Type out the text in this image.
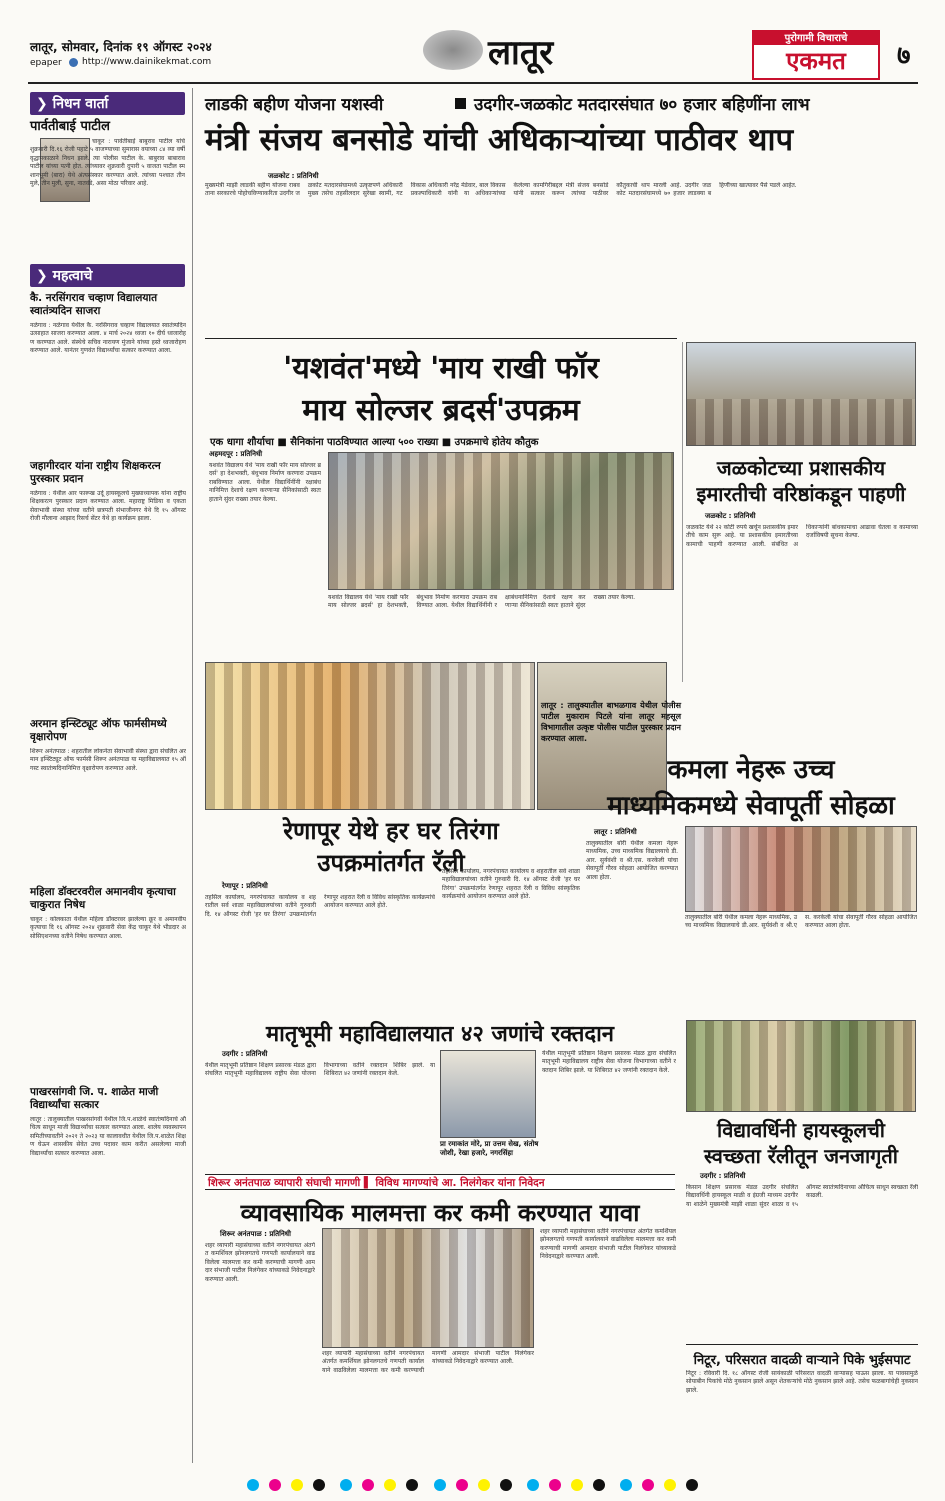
लातूर, सोमवार, दिनांक १९ ऑगस्ट २०२४
epaper http://www.dainikekmat.com	लातूर	पुरोगामी विचाराचे
एकमत	७
❯ निधन वार्ता
पार्वतीबाई पाटील
चाकूर : पार्वतीबाई बाबुराव पाटील यांचे शुक्रवारी दि.१६ रोजी पहाटे ५ वाजण्याच्या सुमारास वयाच्या ८४ व्या वर्षी वृद्धापकाळाने निधन झाले. त्या पोलीस पाटील के. बाबुराव बाबाराव पाटील यांच्या पत्नी होत. त्यांच्यावर शुक्रवारी दुपारी ५ वाजता पाटील स्मशानभूमी (बारा) येथे अंत्यसंस्कार करण्यात आले. त्यांच्या पश्चात तीन मुले, तीन मुली, सुना, नातवंडे, असा मोठा परिवार आहे.
❯ महत्वाचे
कै. नरसिंगराव चव्हाण विद्यालयात स्वातंत्र्यदिन साजरा
नळेगाव : नळेगाव येथील कै. नरसिंगराव चव्हाण विद्यालयात स्वातंत्र्यदिन उत्साहात साजरा करण्यात आला. ४ मार्च २०२४ ध्वजा १० दीर्घ ध्वजारोहण करण्यात आले. संस्थेचे सचिव नारायण मुंजाने यांच्या हस्ते ध्वजारोहण करण्यात आले. यानंतर गुणवंत विद्यार्थ्यांचा सत्कार करण्यात आला.
जहागीरदार यांना राष्ट्रीय शिक्षकरत्न पुरस्कार प्रदान
नळेगाव : येथील आर फारूख उर्दू हायस्कूलचे मुख्याध्यापक यांना राष्ट्रीय शिक्षकरत्न पुरस्कार प्रदान करण्यात आला. महाराष्ट्र मिडिया व एकता सेवाभावी संस्था यांच्या वतीने छत्रपती संभाजीनगर येथे दि १५ ऑगस्ट रोजी मौलाना आझाद रिसर्च सेंटर येथे हा कार्यक्रम झाला.
अरमान इन्स्टिट्यूट ऑफ फार्मसीमध्ये वृक्षारोपण
शिरूर अनंतपाळ : शहरातील लोकनेता सेवाभावी संस्था द्वारा संचलित अरमान इन्स्टिट्यूट ऑफ फार्मसी शिरूर अनंतपाळ या महाविद्यालयात १५ ऑगस्ट स्वातंत्र्यदिनानिमित्त वृक्षारोपण करण्यात आले.
महिला डॉक्टरवरील अमानवीय कृत्याचा चाकुरात निषेध
चाकूर : कोलकाता येथील महिला डॉक्टरवर झालेल्या क्रूर व अमानवीय कृत्याचा दि १६ ऑगस्ट २०२४ शुक्रवारी सेवा केंद्र चाकूर येथे भीडदार असोसिएशनच्या वतीने निषेध करण्यात आला.
पाखरसांगवी जि. प. शाळेत माजी विद्यार्थ्यांचा सत्कार
लातूर : तालुक्यातील पाखरसांगवी येथील जि.प.शाळेचे स्वातंत्र्यदिनाचे औचित्य साधून माजी विद्यार्थ्यांचा सत्कार करण्यात आला. शालेय व्यवस्थापन समितीच्यावतीने २०२१ ते २०२३ या कालावधीत येथील जि.प.शाळेत शिक्षण घेऊन शासकीय सेवेत उच्च पदावर काम करीत असलेल्या माजी विद्यार्थ्यांचा सत्कार करण्यात आला.
लाडकी बहीण योजना यशस्वी	उदगीर-जळकोट मतदारसंघात ७० हजार बहिणींना लाभ
मंत्री संजय बनसोडे यांची अधिकाऱ्यांच्या पाठीवर थाप
जळकोट : प्रतिनिधी
मुख्यमंत्री माझी लाडकी बहीण योजना राबवताना सरकारचे पोहोचविण्याकरिता उदगीर जळकोट मतदारसंघामध्ये उत्कृष्टपणे अधिकारी मुख्य तसेच तहसीलदार सुरेखा स्वामी, गटविकास अधिकारी नरेंद्र मेडेवार, बाल विकास प्रकल्पाधिकारी यांनी या अधिकाऱ्यांच्या केलेल्या कामगिरीबद्दल मंत्री संजय बनसोडे यांनी सत्कार करून त्यांच्या पाठीवर कौतुकाची थाप मारली आहे. उदगीर जळकोट मतदारसंघामध्ये ७० हजार लाडक्या बहिणींच्या खात्यावर पैसे पडले आहेत.
'यशवंत'मध्ये 'माय राखी फॉर
माय सोल्जर ब्रदर्स'उपक्रम
एक धागा शौर्याचा ■ सैनिकांना पाठविण्यात आल्या ५०० राख्या ■ उपक्रमाचे होतेय कौतुक
अहमदपूर : प्रतिनिधी
यशवंत विद्यालय येथे 'माय राखी फॉर माय सोल्जर ब्रदर्स' हा देशभक्ती, बंधुभाव निर्माण करणारा उपक्रम राबविण्यात आला. येथील विद्यार्थिनींनी रक्षाबंधनानिमित्त देशाचे रक्षण करणाऱ्या सैनिकांसाठी स्वतः हाताने सुंदर राख्या तयार केल्या.
यशवंत विद्यालय येथे 'माय राखी फॉर माय सोल्जर ब्रदर्स' हा देशभक्ती, बंधुभाव निर्माण करणारा उपक्रम राबविण्यात आला. येथील विद्यार्थिनींनी रक्षाबंधनानिमित्त देशाचे रक्षण करणाऱ्या सैनिकांसाठी स्वतः हाताने सुंदर राख्या तयार केल्या.
जळकोटच्या प्रशासकीय
इमारतीची वरिष्ठांकडून पाहणी
जळकोट : प्रतिनिधी
जळकोट येथे २२ कोटी रुपये खर्चून प्रशासकीय इमारतीचे काम सुरू आहे. या प्रशासकीय इमारतीच्या कामाची पाहणी करण्यात आली. संबंधित अधिकाऱ्यांनी बांधकामाचा आढावा घेतला व कामाच्या दर्जाविषयी सूचना केल्या.
लातूर : तालुक्यातील बाभळगाव येथील पोलीस पाटील मुकाराम पिटले यांना लातूर महसूल विभागातील उत्कृष्ट पोलीस पाटील पुरस्कार प्रदान करण्यात आला.
कमला नेहरू उच्च
माध्यमिकमध्ये सेवापूर्ती सोहळा
लातूर : प्रतिनिधी
तालुक्यातील बोरी येथील कमला नेहरू माध्यमिक, उच्च माध्यमिक विद्यालयाचे डी.आर. सुर्यवंशी व श्री.एस. करकेली यांचा सेवापूर्ती गौरव सोहळा आयोजित करण्यात आला होता.
तालुक्यातील बोरी येथील कमला नेहरू माध्यमिक, उच्च माध्यमिक विद्यालयाचे डी.आर. सुर्यवंशी व श्री.एस. करकेली यांचा सेवापूर्ती गौरव सोहळा आयोजित करण्यात आला होता.
रेणापूर येथे हर घर तिरंगा
उपक्रमांतर्गत रॅली
रेणापूर : प्रतिनिधी
तहसिल कार्यालय, नगरपंचायत कार्यालय व शहरातील सर्व शाळा महाविद्यालयांच्या वतीने गुरुवारी दि. १४ ऑगस्ट रोजी 'हर घर तिरंगा' उपक्रमांतर्गत रेणापूर शहरात रॅली व विविध सांस्कृतिक कार्यक्रमांचे आयोजन करण्यात आले होते.
तहसिल कार्यालय, नगरपंचायत कार्यालय व शहरातील सर्व शाळा महाविद्यालयांच्या वतीने गुरुवारी दि. १४ ऑगस्ट रोजी 'हर घर तिरंगा' उपक्रमांतर्गत रेणापूर शहरात रॅली व विविध सांस्कृतिक कार्यक्रमांचे आयोजन करण्यात आले होते.
मातृभूमी महाविद्यालयात ४२ जणांचे रक्तदान
उदगीर : प्रतिनिधी
येथील मातृभूमी प्रतिष्ठान शिक्षण प्रसारक मंडळ द्वारा संचलित मातृभूमी महाविद्यालय राष्ट्रीय सेवा योजना विभागाच्या वतीने रक्तदान शिबिर झाले. या शिबिरात ४२ जणांनी रक्तदान केले.
प्रा रमाकांत मोरे, प्रा उत्तम सेख, संतोष जोशी, रेखा हजारे, नगरसिंहा
येथील मातृभूमी प्रतिष्ठान शिक्षण प्रसारक मंडळ द्वारा संचलित मातृभूमी महाविद्यालय राष्ट्रीय सेवा योजना विभागाच्या वतीने रक्तदान शिबिर झाले. या शिबिरात ४२ जणांनी रक्तदान केले.
विद्यावर्धिनी हायस्कूलची
स्वच्छता रॅलीतून जनजागृती
उदगीर : प्रतिनिधी
किसान शिक्षण प्रसारक मंडळ उदगीर संचलित विद्यावर्धिनी हायस्कूल माळी व इंग्रजी माध्यम उदगीर या शाळेने मुख्यमंत्री माझी शाळा सुंदर शाळा व १५ ऑगस्ट स्वातंत्र्यदिनाच्या औचित्य साधून स्वच्छता रॅली काढली.
शिरूर अनंतपाळ व्यापारी संघाची मागणी ▌ विविध मागण्यांचे आ. निलंगेकर यांना निवेदन
व्यावसायिक मालमत्ता कर कमी करण्यात यावा
शिरूर अनंतपाळ : प्रतिनिधी
शहर व्यापारी महासंघाच्या वतीने नगरपंचायत अंतर्गत कमर्शियल झोनलगतचे गणपती कार्यालयाने वाढविलेला मालमत्ता कर कमी करण्याची मागणी आमदार संभाजी पाटील निलंगेकर यांच्याकडे निवेदनाद्वारे करण्यात आली.
शहर व्यापारी महासंघाच्या वतीने नगरपंचायत अंतर्गत कमर्शियल झोनलगतचे गणपती कार्यालयाने वाढविलेला मालमत्ता कर कमी करण्याची मागणी आमदार संभाजी पाटील निलंगेकर यांच्याकडे निवेदनाद्वारे करण्यात आली.
शहर व्यापारी महासंघाच्या वतीने नगरपंचायत अंतर्गत कमर्शियल झोनलगतचे गणपती कार्यालयाने वाढविलेला मालमत्ता कर कमी करण्याची मागणी आमदार संभाजी पाटील निलंगेकर यांच्याकडे निवेदनाद्वारे करण्यात आली.
निटूर, परिसरात वादळी वाऱ्याने पिके भुईसपाट
निटूर : रविवारी दि. १८ ऑगस्ट रोजी सायंकाळी परिसरात वादळी वाऱ्यासह पाऊस झाला. या पावसामुळे सोयाबीन पिकांचे मोठे नुकसान झाले असून शेतकऱ्यांचे मोठे नुकसान झाले आहे. तसेच फळबागांचेही नुकसान झाले.
